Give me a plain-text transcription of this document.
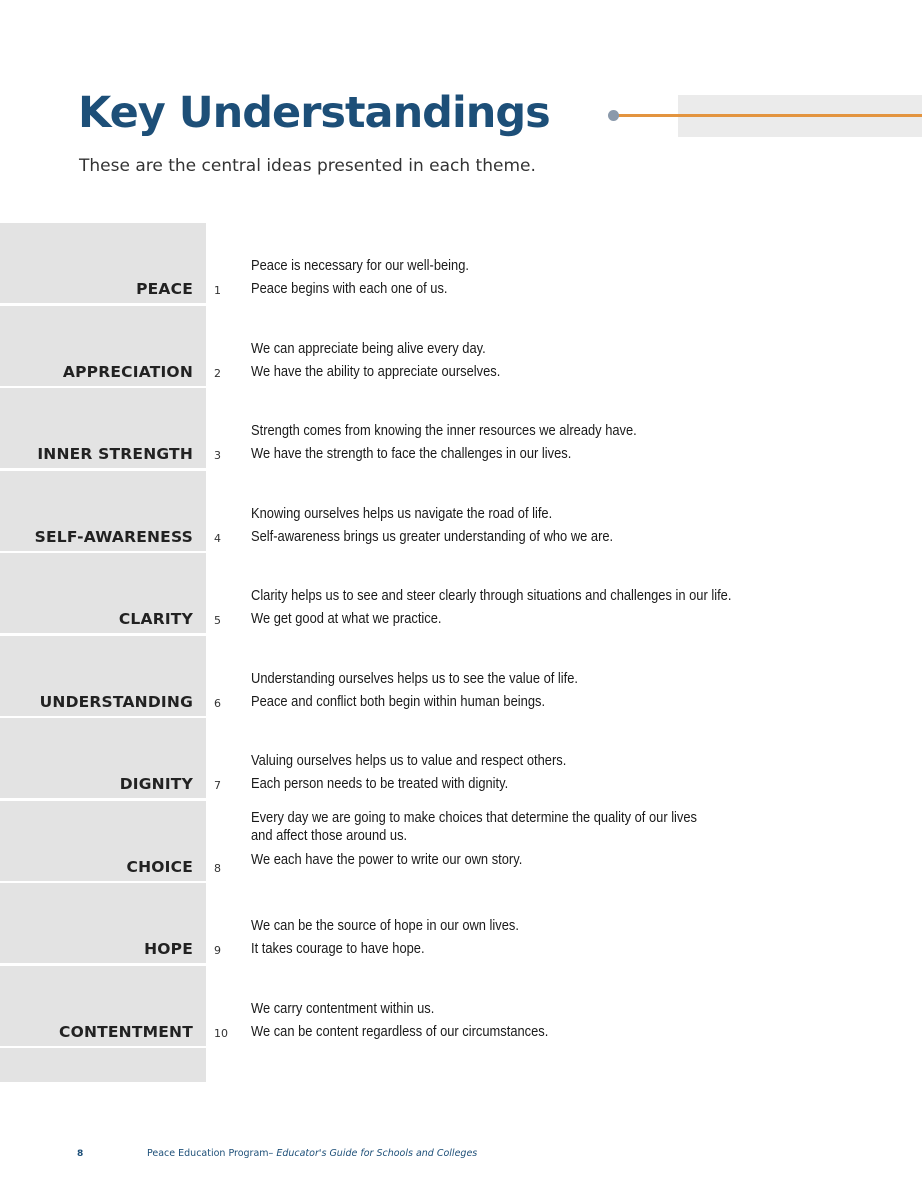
Key Understandings

These are the central ideas presented in each theme.

PEACE 1
Peace is necessary for our well-being.
Peace begins with each one of us.
APPRECIATION 2
We can appreciate being alive every day.
We have the ability to appreciate ourselves.
INNER STRENGTH 3
Strength comes from knowing the inner resources we already have.
We have the strength to face the challenges in our lives.
SELF-AWARENESS 4
Knowing ourselves helps us navigate the road of life.
Self-awareness brings us greater understanding of who we are.
CLARITY 5
Clarity helps us to see and steer clearly through situations and challenges in our life.
We get good at what we practice.
UNDERSTANDING 6
Understanding ourselves helps us to see the value of life.
Peace and conflict both begin within human beings.
DIGNITY 7
Valuing ourselves helps us to value and respect others.
Each person needs to be treated with dignity.
CHOICE 8
Every day we are going to make choices that determine the quality of our lives
and affect those around us.
We each have the power to write our own story.
HOPE 9
We can be the source of hope in our own lives.
It takes courage to have hope.
CONTENTMENT 10
We carry contentment within us.
We can be content regardless of our circumstances.
8	Peace Education Program– Educator's Guide for Schools and Colleges
